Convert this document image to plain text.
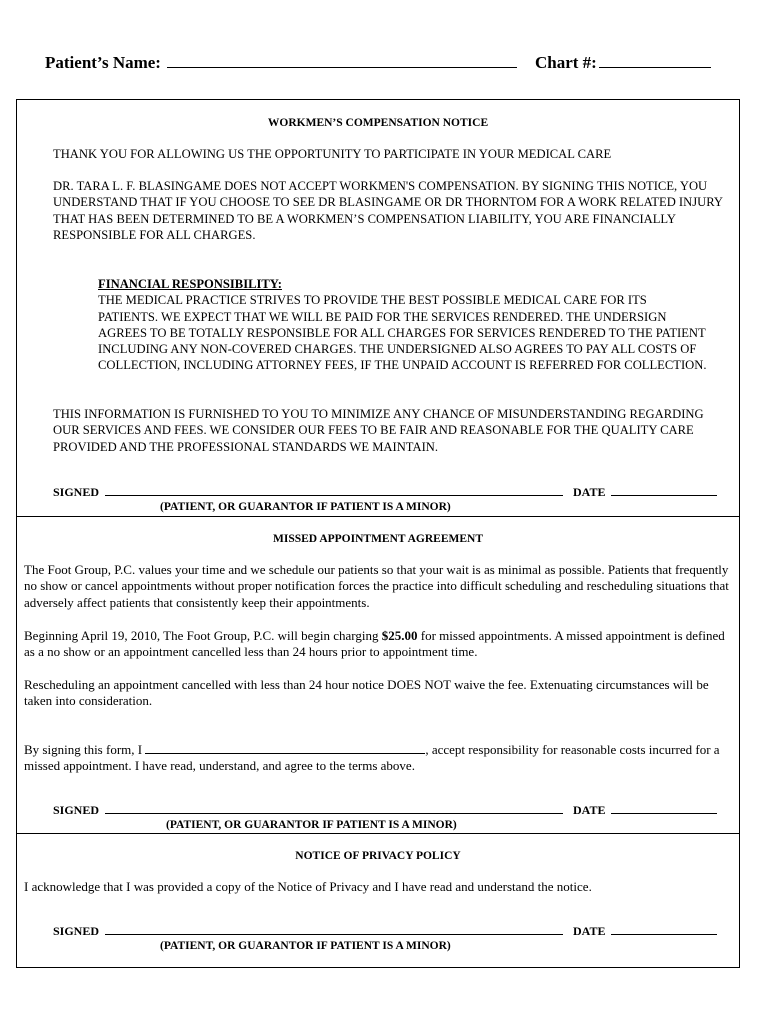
Patient’s Name:	Chart #:
WORKMEN’S COMPENSATION NOTICE

THANK YOU FOR ALLOWING US THE OPPORTUNITY TO PARTICIPATE IN YOUR MEDICAL CARE

DR. TARA L. F. BLASINGAME DOES NOT ACCEPT WORKMEN'S COMPENSATION. BY SIGNING THIS NOTICE, YOU UNDERSTAND THAT IF YOU CHOOSE TO SEE DR BLASINGAME OR DR THORNTOM FOR A WORK RELATED INJURY THAT HAS BEEN DETERMINED TO BE A WORKMEN’S COMPENSATION LIABILITY, YOU ARE FINANCIALLY RESPONSIBLE FOR ALL CHARGES.

FINANCIAL RESPONSIBILITY:

THE MEDICAL PRACTICE STRIVES TO PROVIDE THE BEST POSSIBLE MEDICAL CARE FOR ITS PATIENTS. WE EXPECT THAT WE WILL BE PAID FOR THE SERVICES RENDERED. THE UNDERSIGN AGREES TO BE TOTALLY RESPONSIBLE FOR ALL CHARGES FOR SERVICES RENDERED TO THE PATIENT INCLUDING ANY NON-COVERED CHARGES. THE UNDERSIGNED ALSO AGREES TO PAY ALL COSTS OF COLLECTION, INCLUDING ATTORNEY FEES, IF THE UNPAID ACCOUNT IS REFERRED FOR COLLECTION.

THIS INFORMATION IS FURNISHED TO YOU TO MINIMIZE ANY CHANCE OF MISUNDERSTANDING REGARDING OUR SERVICES AND FEES. WE CONSIDER OUR FEES TO BE FAIR AND REASONABLE FOR THE QUALITY CARE PROVIDED AND THE PROFESSIONAL STANDARDS WE MAINTAIN.

SIGNED	DATE
(PATIENT, OR GUARANTOR IF PATIENT IS A MINOR)
MISSED APPOINTMENT AGREEMENT

The Foot Group, P.C. values your time and we schedule our patients so that your wait is as minimal as possible. Patients that frequently no show or cancel appointments without proper notification forces the practice into difficult scheduling and rescheduling situations that adversely affect patients that consistently keep their appointments.

Beginning April 19, 2010, The Foot Group, P.C. will begin charging $25.00 for missed appointments. A missed appointment is defined as a no show or an appointment cancelled less than 24 hours prior to appointment time.

Rescheduling an appointment cancelled with less than 24 hour notice DOES NOT waive the fee. Extenuating circumstances will be taken into consideration.

By signing this form, I	, accept responsibility for reasonable costs incurred for a missed appointment. I have read, understand, and agree to the terms above.

SIGNED	DATE
(PATIENT, OR GUARANTOR IF PATIENT IS A MINOR)
NOTICE OF PRIVACY POLICY

I acknowledge that I was provided a copy of the Notice of Privacy and I have read and understand the notice.

SIGNED	DATE
(PATIENT, OR GUARANTOR IF PATIENT IS A MINOR)
